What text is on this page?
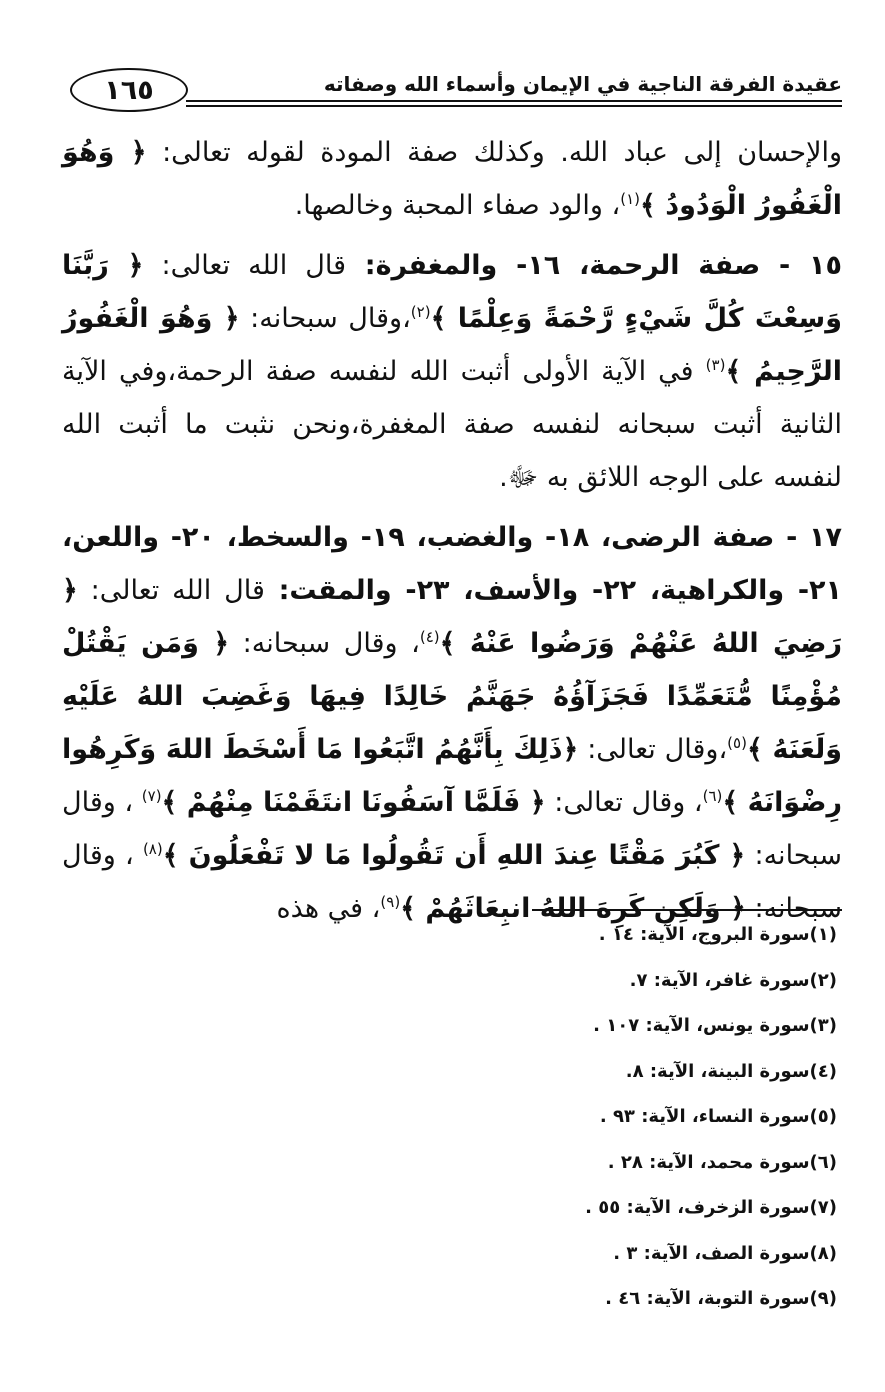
١٦٥	عقيدة الفرقة الناجية في الإيمان وأسماء الله وصفاته

والإحسان إلى عباد الله. وكذلك صفة المودة لقوله تعالى: ﴿ وَهُوَ الْغَفُورُ الْوَدُودُ ﴾$^{(١)}$، والود صفاء المحبة وخالصها.

١٥ - صفة الرحمة، ١٦- والمغفرة: قال الله تعالى: ﴿ رَبَّنَا وَسِعْتَ كُلَّ شَيْءٍ رَّحْمَةً وَعِلْمًا ﴾$^{(٢)}$،وقال سبحانه: ﴿ وَهُوَ الْغَفُورُ الرَّحِيمُ ﴾$^{(٣)}$ في الآية الأولى أثبت الله لنفسه صفة الرحمة،وفي الآية الثانية أثبت سبحانه لنفسه صفة المغفرة،ونحن نثبت ما أثبت الله لنفسه على الوجه اللائق به ﷻ.

١٧ - صفة الرضى، ١٨- والغضب، ١٩- والسخط، ٢٠- واللعن، ٢١- والكراهية، ٢٢- والأسف، ٢٣- والمقت: قال الله تعالى: ﴿ رَضِيَ اللهُ عَنْهُمْ وَرَضُوا عَنْهُ ﴾$^{(٤)}$، وقال سبحانه: ﴿ وَمَن يَقْتُلْ مُؤْمِنًا مُّتَعَمِّدًا فَجَزَآؤُهُ جَهَنَّمُ خَالِدًا فِيهَا وَغَضِبَ اللهُ عَلَيْهِ وَلَعَنَهُ ﴾$^{(٥)}$،وقال تعالى: ﴿ذَلِكَ بِأَنَّهُمُ اتَّبَعُوا مَا أَسْخَطَ اللهَ وَكَرِهُوا رِضْوَانَهُ ﴾$^{(٦)}$، وقال تعالى: ﴿ فَلَمَّا آسَفُونَا انتَقَمْنَا مِنْهُمْ ﴾$^{(٧)}$ ، وقال سبحانه: ﴿ كَبُرَ مَقْتًا عِندَ اللهِ أَن تَقُولُوا مَا لا تَفْعَلُونَ ﴾$^{(٨)}$ ، وقال سبحانه: ﴿ وَلَكِن كَرِهَ اللهُ انبِعَاثَهُمْ ﴾$^{(٩)}$، في هذه

(١)سورة البروج، الآية: ١٤ .
(٢)سورة غافر، الآية: ٧.
(٣)سورة يونس، الآية: ١٠٧ .
(٤)سورة البينة، الآية: ٨.
(٥)سورة النساء، الآية: ٩٣ .
(٦)سورة محمد، الآية: ٢٨ .
(٧)سورة الزخرف، الآية: ٥٥ .
(٨)سورة الصف، الآية: ٣ .
(٩)سورة التوبة، الآية: ٤٦ .
